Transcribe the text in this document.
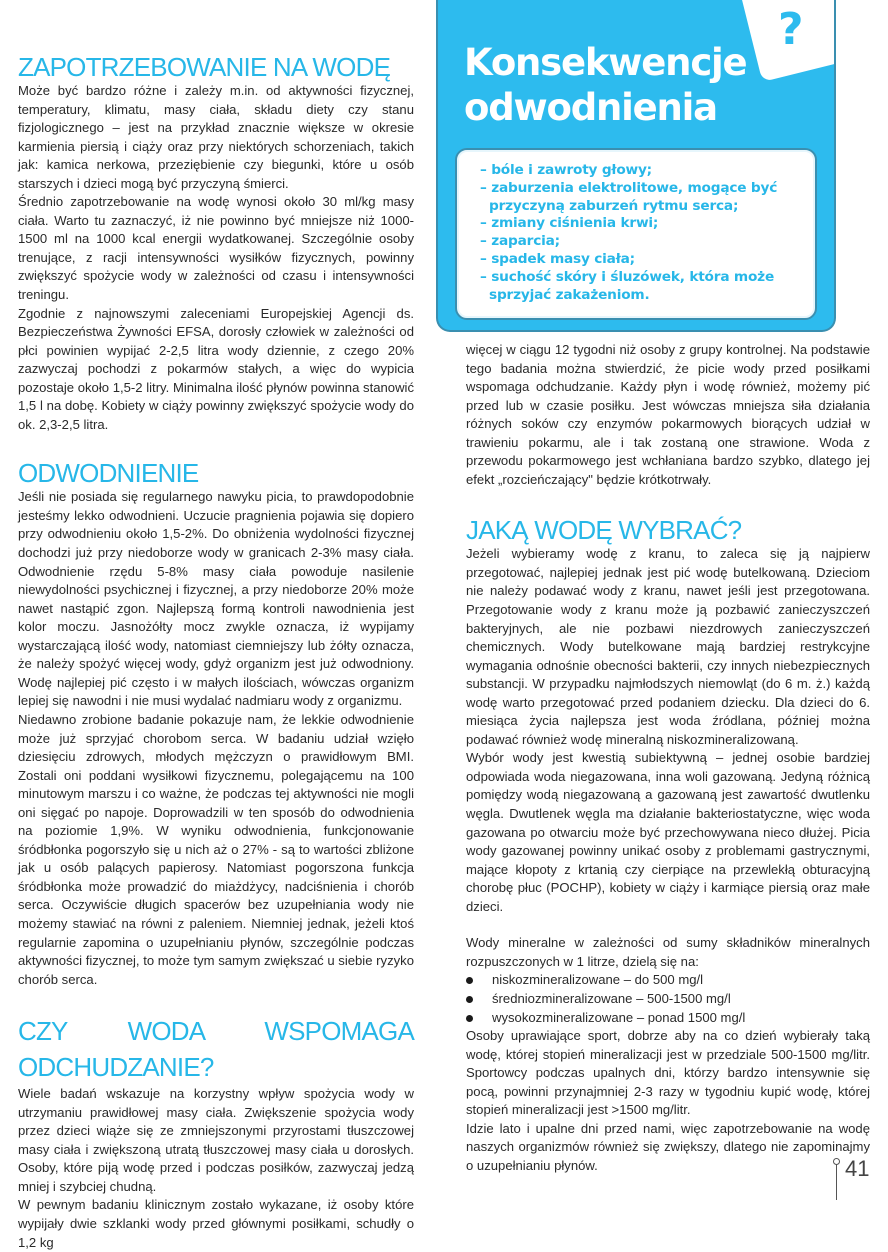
ZAPOTRZEBOWANIE NA WODĘ

Może być bardzo różne i zależy m.in. od aktywności fizycznej, temperatury, klimatu, masy ciała, składu diety czy stanu fizjologicznego – jest na przykład znacznie większe w okresie karmienia piersią i ciąży oraz przy niektórych schorzeniach, takich jak: kamica nerkowa, przeziębienie czy biegunki, które u osób starszych i dzieci mogą być przyczyną śmierci.

Średnio zapotrzebowanie na wodę wynosi około 30 ml/kg masy ciała. Warto tu zaznaczyć, iż nie powinno być mniejsze niż 1000-1500 ml na 1000 kcal energii wydatkowanej. Szczególnie osoby trenujące, z racji intensywności wysiłków fizycznych, powinny zwiększyć spożycie wody w zależności od czasu i intensywności treningu.

Zgodnie z najnowszymi zaleceniami Europejskiej Agencji ds. Bezpieczeństwa Żywności EFSA, dorosły człowiek w zależności od płci powinien wypijać 2-2,5 litra wody dziennie, z czego 20% zazwyczaj pochodzi z pokarmów stałych, a więc do wypicia pozostaje około 1,5-2 litry. Minimalna ilość płynów powinna stanowić 1,5 l na dobę. Kobiety w ciąży powinny zwiększyć spożycie wody do ok. 2,3-2,5 litra.

ODWODNIENIE

Jeśli nie posiada się regularnego nawyku picia, to prawdopodobnie jesteśmy lekko odwodnieni. Uczucie pragnienia pojawia się dopiero przy odwodnieniu około 1,5-2%. Do obniżenia wydolności fizycznej dochodzi już przy niedoborze wody w granicach 2-3% masy ciała. Odwodnienie rzędu 5-8% masy ciała powoduje nasilenie niewydolności psychicznej i fizycznej, a przy niedoborze 20% może nawet nastąpić zgon. Najlepszą formą kontroli nawodnienia jest kolor moczu. Jasnożółty mocz zwykle oznacza, iż wypijamy wystarczającą ilość wody, natomiast ciemniejszy lub żółty oznacza, że należy spożyć więcej wody, gdyż organizm jest już odwodniony. Wodę najlepiej pić często i w małych ilościach, wówczas organizm lepiej się nawodni i nie musi wydalać nadmiaru wody z organizmu.

Niedawno zrobione badanie pokazuje nam, że lekkie odwodnienie może już sprzyjać chorobom serca. W badaniu udział wzięło dziesięciu zdrowych, młodych mężczyzn o prawidłowym BMI. Zostali oni poddani wysiłkowi fizycznemu, polegającemu na 100 minutowym marszu i co ważne, że podczas tej aktywności nie mogli oni sięgać po napoje. Doprowadzili w ten sposób do odwodnienia na poziomie 1,9%. W wyniku odwodnienia, funkcjonowanie śródbłonka pogorszyło się u nich aż o 27% - są to wartości zbliżone jak u osób palących papierosy. Natomiast pogorszona funkcja śródbłonka może prowadzić do miażdżycy, nadciśnienia i chorób serca. Oczywiście długich spacerów bez uzupełniania wody nie możemy stawiać na równi z paleniem. Niemniej jednak, jeżeli ktoś regularnie zapomina o uzupełnianiu płynów, szczególnie podczas aktywności fizycznej, to może tym samym zwiększać u siebie ryzyko chorób serca.

CZY WODA WSPOMAGA ODCHUDZANIE?

Wiele badań wskazuje na korzystny wpływ spożycia wody w utrzymaniu prawidłowej masy ciała. Zwiększenie spożycia wody przez dzieci wiąże się ze zmniejszonymi przyrostami tłuszczowej masy ciała i zwiększoną utratą tłuszczowej masy ciała u dorosłych. Osoby, które piją wodę przed i podczas posiłków, zazwyczaj jedzą mniej i szybciej chudną.

W pewnym badaniu klinicznym zostało wykazane, iż osoby które wypijały dwie szklanki wody przed głównymi posiłkami, schudły o 1,2 kg

?
Konsekwencje
odwodnienia
– bóle i zawroty głowy;
– zaburzenia elektrolitowe, mogące być przyczyną zaburzeń rytmu serca;
– zmiany ciśnienia krwi;
– zaparcia;
– spadek masy ciała;
– suchość skóry i śluzówek, która może sprzyjać zakażeniom.

więcej w ciągu 12 tygodni niż osoby z grupy kontrolnej. Na podstawie tego badania można stwierdzić, że picie wody przed posiłkami wspomaga odchudzanie. Każdy płyn i wodę również, możemy pić przed lub w czasie posiłku. Jest wówczas mniejsza siła działania różnych soków czy enzymów pokarmowych biorących udział w trawieniu pokarmu, ale i tak zostaną one strawione. Woda z przewodu pokarmowego jest wchłaniana bardzo szybko, dlatego jej efekt „rozcieńczający" będzie krótkotrwały.

JAKĄ WODĘ WYBRAĆ?

Jeżeli wybieramy wodę z kranu, to zaleca się ją najpierw przegotować, najlepiej jednak jest pić wodę butelkowaną. Dzieciom nie należy podawać wody z kranu, nawet jeśli jest przegotowana. Przegotowanie wody z kranu może ją pozbawić zanieczyszczeń bakteryjnych, ale nie pozbawi niezdrowych zanieczyszczeń chemicznych. Wody butelkowane mają bardziej restrykcyjne wymagania odnośnie obecności bakterii, czy innych niebezpiecznych substancji. W przypadku najmłodszych niemowląt (do 6 m. ż.) każdą wodę warto przegotować przed podaniem dziecku. Dla dzieci do 6. miesiąca życia najlepsza jest woda źródlana, później można podawać również wodę mineralną niskozmineralizowaną.

Wybór wody jest kwestią subiektywną – jednej osobie bardziej odpowiada woda niegazowana, inna woli gazowaną. Jedyną różnicą pomiędzy wodą niegazowaną a gazowaną jest zawartość dwutlenku węgla. Dwutlenek węgla ma działanie bakteriostatyczne, więc woda gazowana po otwarciu może być przechowywana nieco dłużej. Picia wody gazowanej powinny unikać osoby z problemami gastrycznymi, mające kłopoty z krtanią czy cierpiące na przewlekłą obturacyjną chorobę płuc (POCHP), kobiety w ciąży i karmiące piersią oraz małe dzieci.

Wody mineralne w zależności od sumy składników mineralnych rozpuszczonych w 1 litrze, dzielą się na:

niskozmineralizowane – do 500 mg/l
średniozmineralizowane – 500-1500 mg/l
wysokozmineralizowane – ponad 1500 mg/l

Osoby uprawiające sport, dobrze aby na co dzień wybierały taką wodę, której stopień mineralizacji jest w przedziale 500-1500 mg/litr. Sportowcy podczas upalnych dni, którzy bardzo intensywnie się pocą, powinni przynajmniej 2-3 razy w tygodniu kupić wodę, której stopień mineralizacji jest >1500 mg/litr.

Idzie lato i upalne dni przed nami, więc zapotrzebowanie na wodę naszych organizmów również się zwiększy, dlatego nie zapominajmy o uzupełnianiu płynów.	41
